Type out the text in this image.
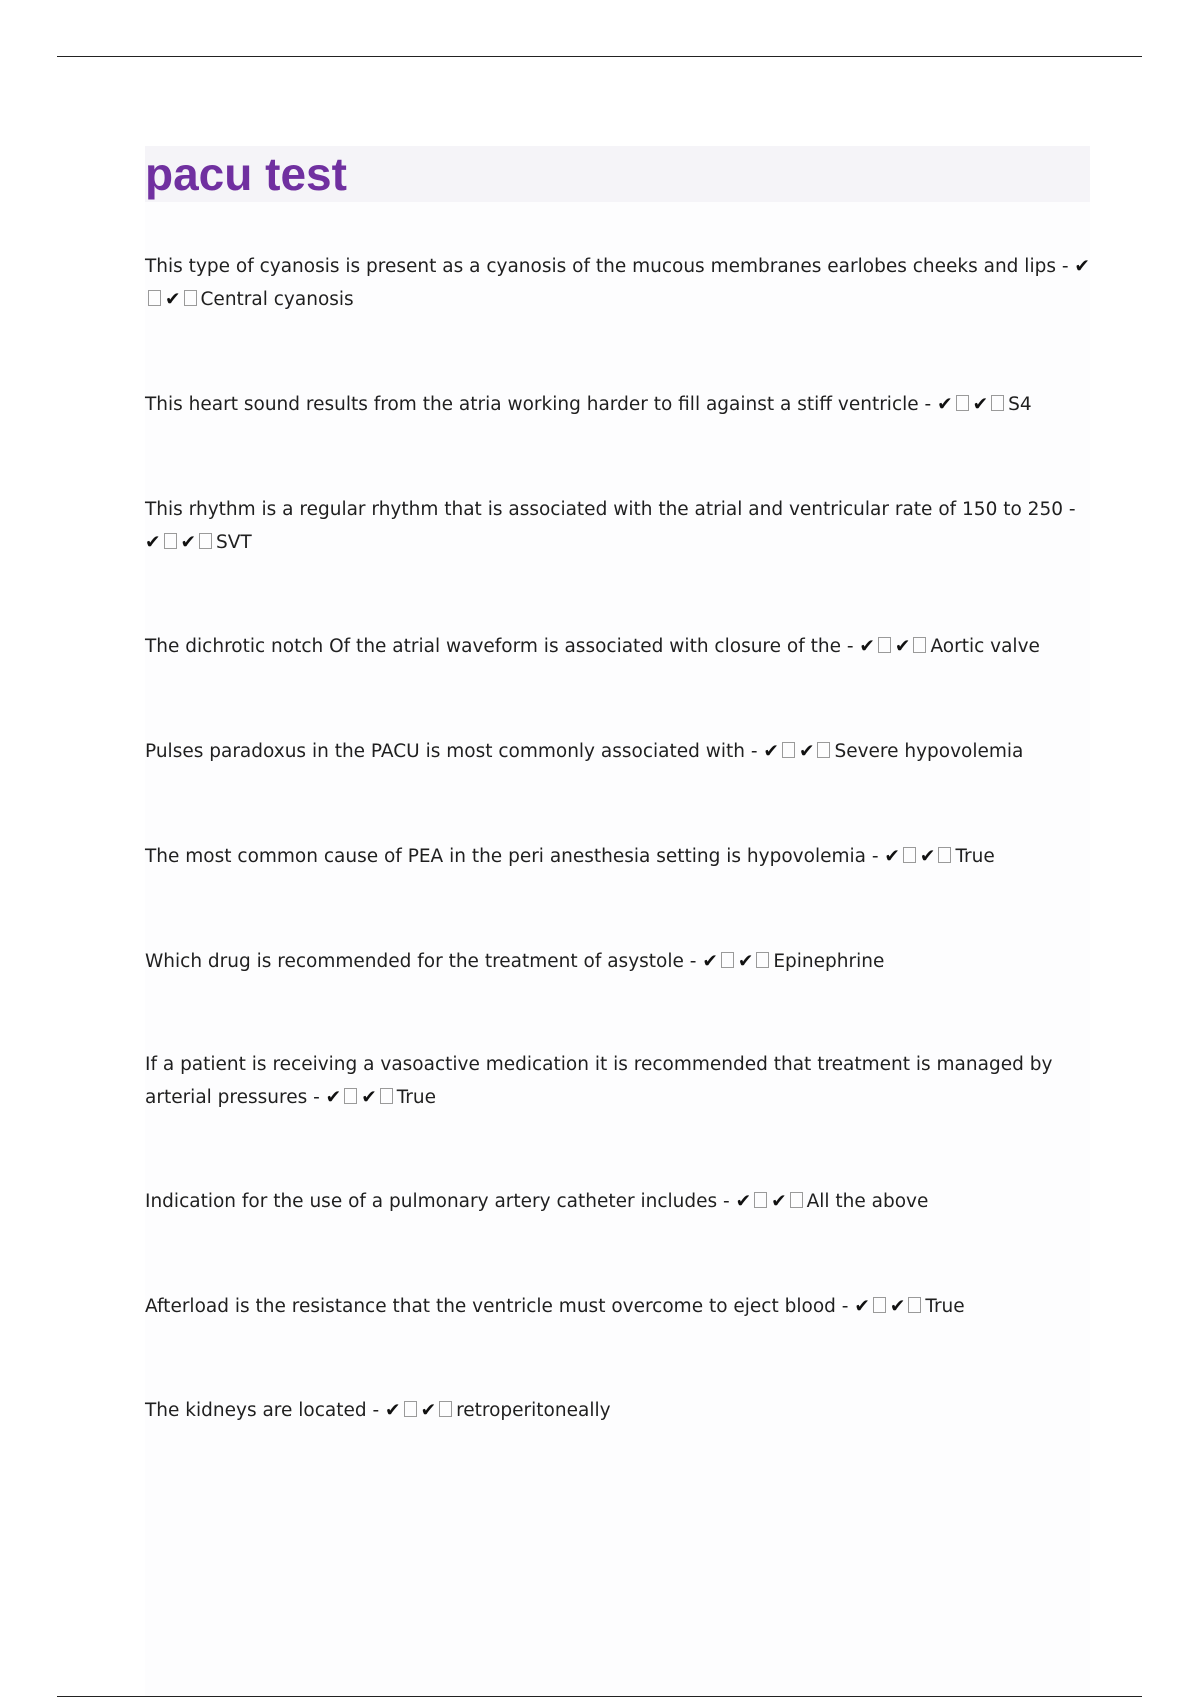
pacu test

This type of cyanosis is present as a cyanosis of the mucous membranes earlobes cheeks and lips - ✔✔ Central cyanosis

This heart sound results from the atria working harder to fill against a stiff ventricle - ✔ ✔ S4

This rhythm is a regular rhythm that is associated with the atrial and ventricular rate of 150 to 250 - ✔ ✔ SVT

The dichrotic notch Of the atrial waveform is associated with closure of the - ✔ ✔ Aortic valve

Pulses paradoxus in the PACU is most commonly associated with - ✔ ✔ Severe hypovolemia

The most common cause of PEA in the peri anesthesia setting is hypovolemia - ✔ ✔ True

Which drug is recommended for the treatment of asystole - ✔ ✔ Epinephrine

If a patient is receiving a vasoactive medication it is recommended that treatment is managed by arterial pressures - ✔ ✔ True

Indication for the use of a pulmonary artery catheter includes - ✔ ✔ All the above

Afterload is the resistance that the ventricle must overcome to eject blood - ✔ ✔ True

The kidneys are located - ✔ ✔ retroperitoneally
